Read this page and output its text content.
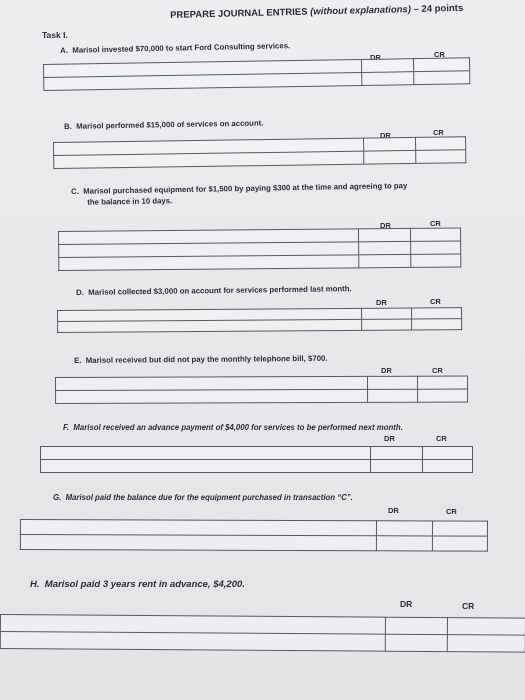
Task I.
PREPARE JOURNAL ENTRIES (without explanations) – 24 points
A. Marisol invested $70,000 to start Ford Consulting services.
DR	CR

B. Marisol performed $15,000 of services on account.
DR	CR

C. Marisol purchased equipment for $1,500 by paying $300 at the time and agreeing to pay
the balance in 10 days.
DR	CR

D. Marisol collected $3,000 on account for services performed last month.
DR	CR

E. Marisol received but did not pay the monthly telephone bill, $700.
DR	CR

F. Marisol received an advance payment of $4,000 for services to be performed next month.
DR	CR

G. Marisol paid the balance due for the equipment purchased in transaction “C”.
DR	CR

H. Marisol paid 3 years rent in advance, $4,200.
DR	CR
